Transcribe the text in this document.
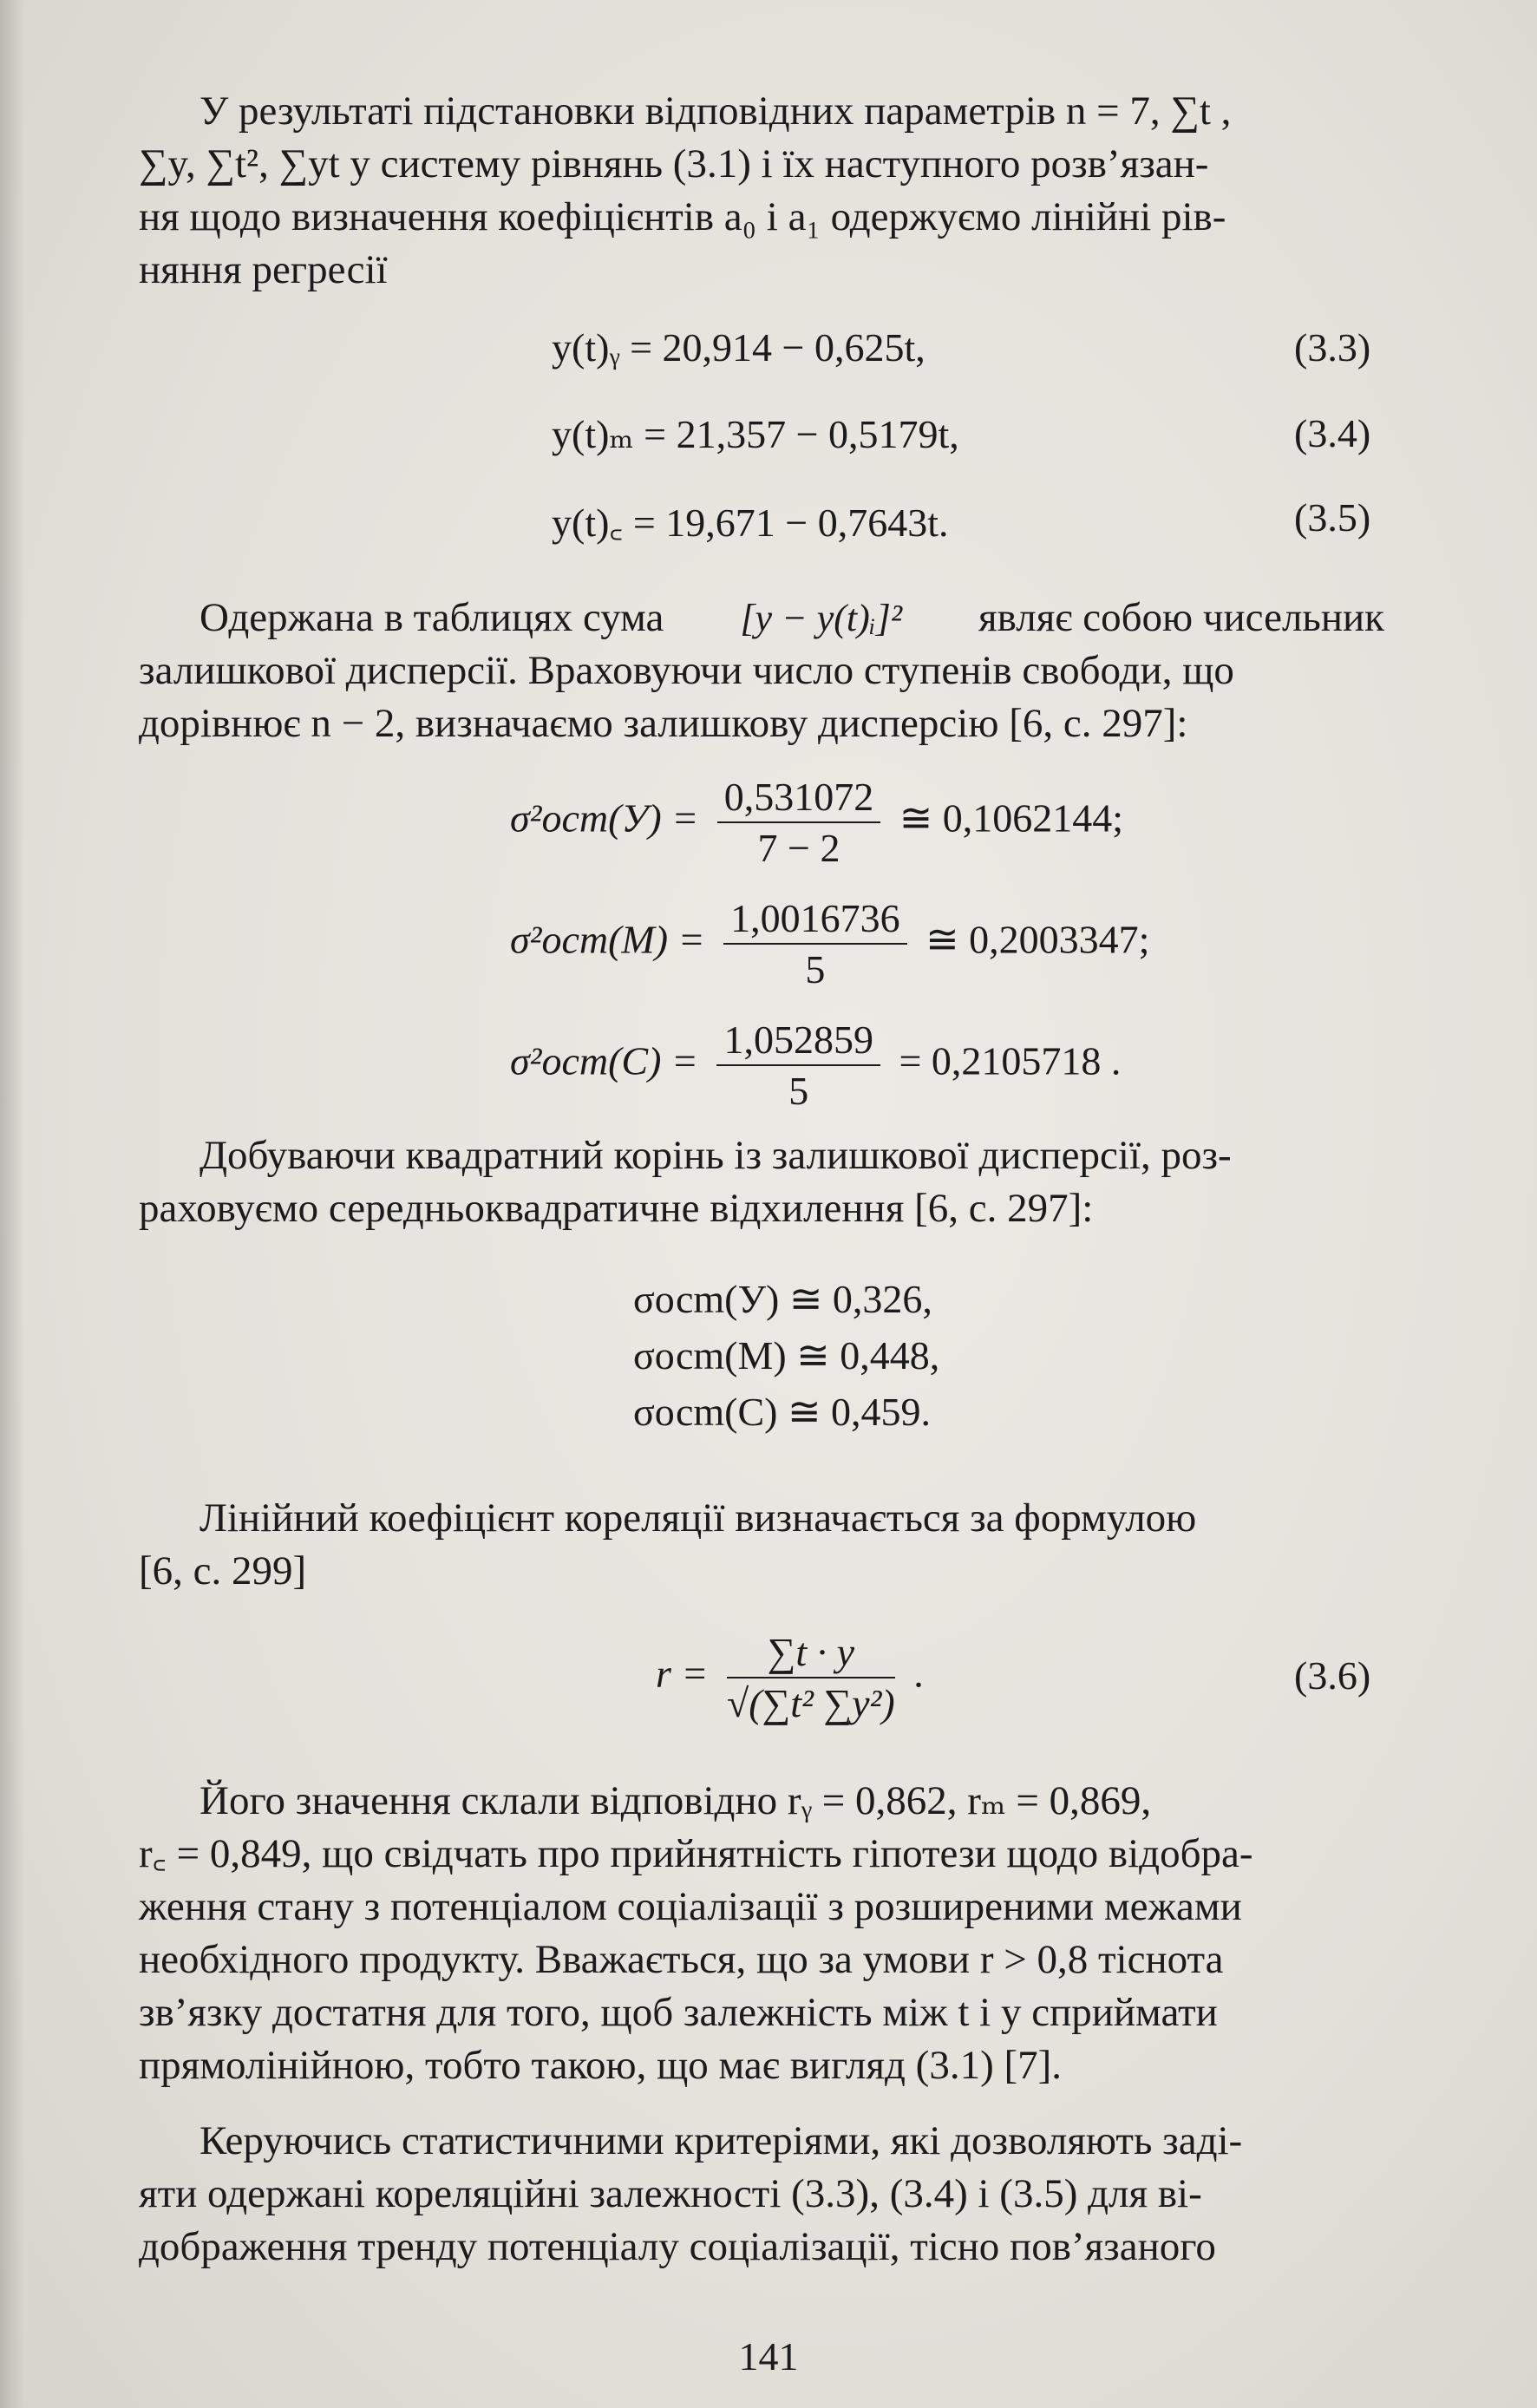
У результаті підстановки відповідних параметрів n = 7, ∑t ,
∑y, ∑t², ∑yt у систему рівнянь (3.1) і їх наступного розв’язан-
ня щодо визначення коефіцієнтів a₀ і a₁ одержуємо лінійні рів-
няння регресії

y(t)ᵧ = 20,914 − 0,625t,	(3.3)
y(t)ₘ = 21,357 − 0,5179t,	(3.4)
y(t)꜀ = 19,671 − 0,7643t.	(3.5)
Одержана в таблицях сума [y − y(t)ᵢ]² являє собою чисельник
залишкової дисперсії. Враховуючи число ступенів свободи, що
дорівнює n − 2, визначаємо залишкову дисперсію [6, с. 297]:
$\sigma^2осm(У) = \frac{0,531072}{7 - 2}$ ≅ 0,1062144;
$\sigma^2осm(М) = \frac{1,0016736}{5}$ ≅ 0,2003347;
$\sigma^2осm(С) = \frac{1,052859}{5} = 0,2105718$ .

Добуваючи квадратний корінь із залишкової дисперсії, роз-
раховуємо середньоквадратичне відхилення [6, с. 297]:

σосm(У) ≅ 0,326,
σосm(М) ≅ 0,448,
σосm(С) ≅ 0,459.

Лінійний коефіцієнт кореляції визначається за формулою
[6, с. 299]

$r = \frac{\sum t \cdot y}{\text{√(∑t² ∑y²)}}$ .	(3.6)

Його значення склали відповідно rᵧ = 0,862, rₘ = 0,869,
r꜀ = 0,849, що свідчать про прийнятність гіпотези щодо відобра-
ження стану з потенціалом соціалізації з розширеними межами
необхідного продукту. Вважається, що за умови r > 0,8 тіснота
зв’язку достатня для того, щоб залежність між t і y сприймати
прямолінійною, тобто такою, що має вигляд (3.1) [7].

Керуючись статистичними критеріями, які дозволяють заді-
яти одержані кореляційні залежності (3.3), (3.4) і (3.5) для ві-
дображення тренду потенціалу соціалізації, тісно пов’язаного

141
